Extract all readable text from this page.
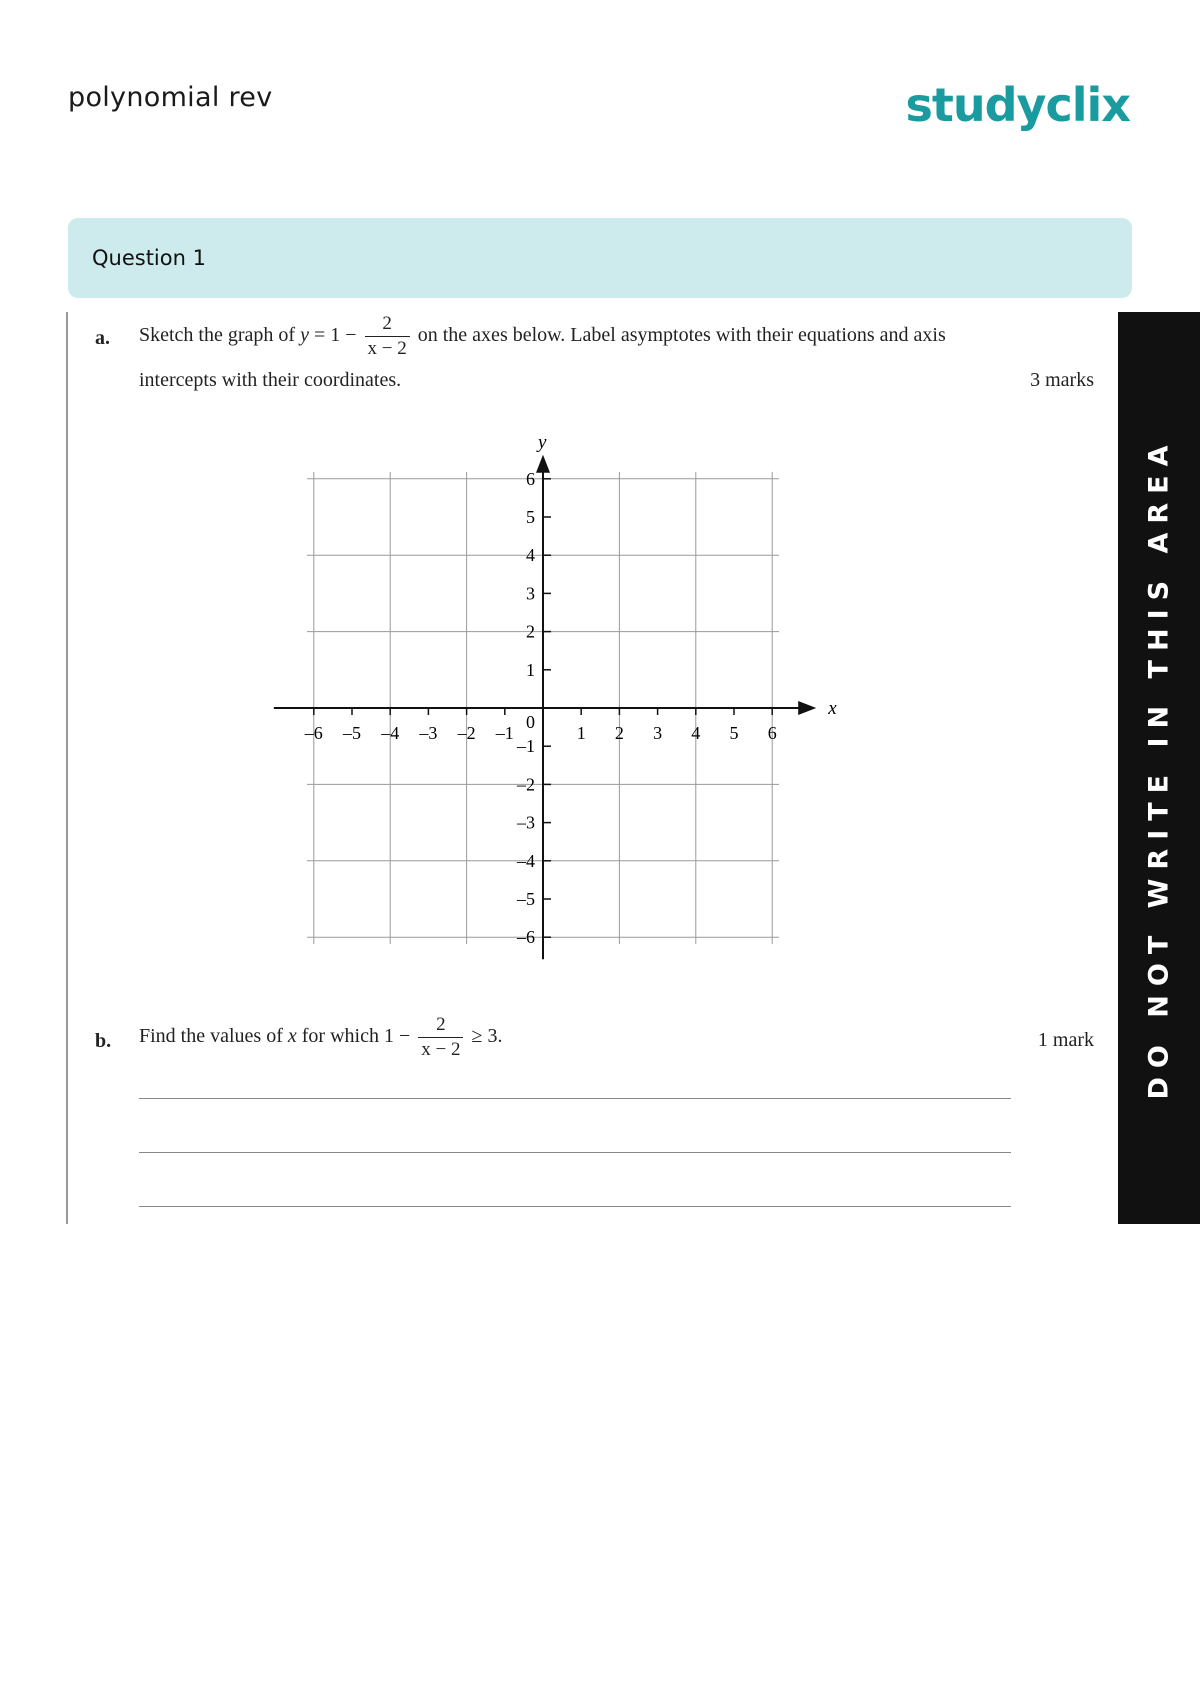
polynomial rev	studyclix
Question 1
DO NOT WRITE IN THIS AREA
a. Sketch the graph of $y = 1 - \frac{2}{x - 2}$ on the axes below. Label asymptotes with their equations and axis
intercepts with their coordinates.	3 marks
x
y
–6 –5 –4 –3 –2 –1	1 2 3 4 5 6
6
5
4
3
2
1
–1
–2
–3
–4
–5
–6
0
b. Find the values of x for which $1 - \frac{2}{x - 2} \ge 3$.	1 mark
